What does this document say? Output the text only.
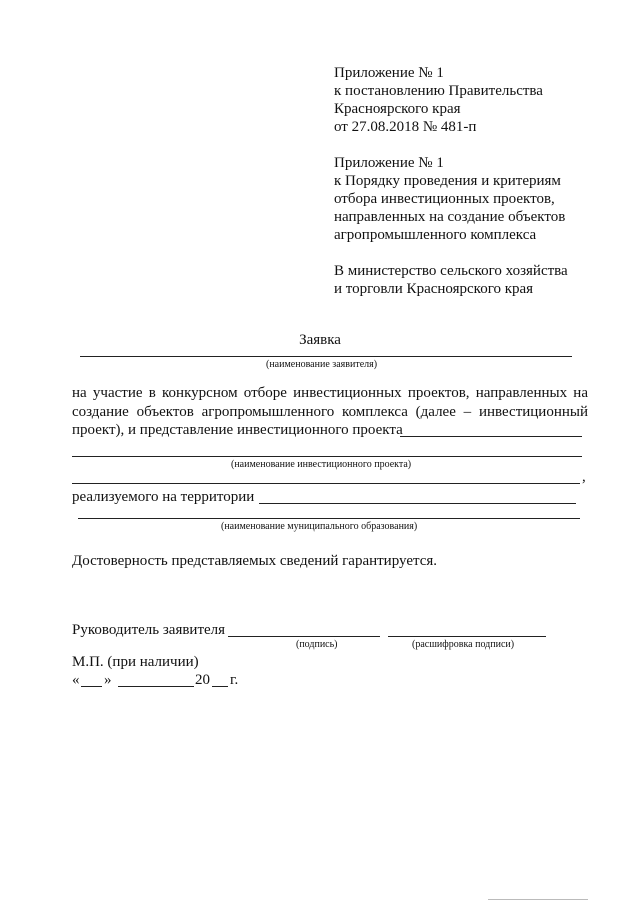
Приложение № 1
к постановлению Правительства
Красноярского края
от 27.08.2018 № 481-п
Приложение № 1
к Порядку проведения и критериям
отбора инвестиционных проектов,
направленных на создание объектов
агропромышленного комплекса
В министерство сельского хозяйства
и торговли Красноярского края
Заявка
(наименование заявителя)
на участие в конкурсном отборе инвестиционных проектов, направленных на создание объектов агропромышленного комплекса (далее – инвестиционный проект), и представление инвестиционного проекта
(наименование инвестиционного проекта)
,
реализуемого на территории
(наименование муниципального образования)
Достоверность представляемых сведений гарантируется.
Руководитель заявителя
(подпись)	(расшифровка подписи)
М.П. (при наличии)
« »	20 г.
